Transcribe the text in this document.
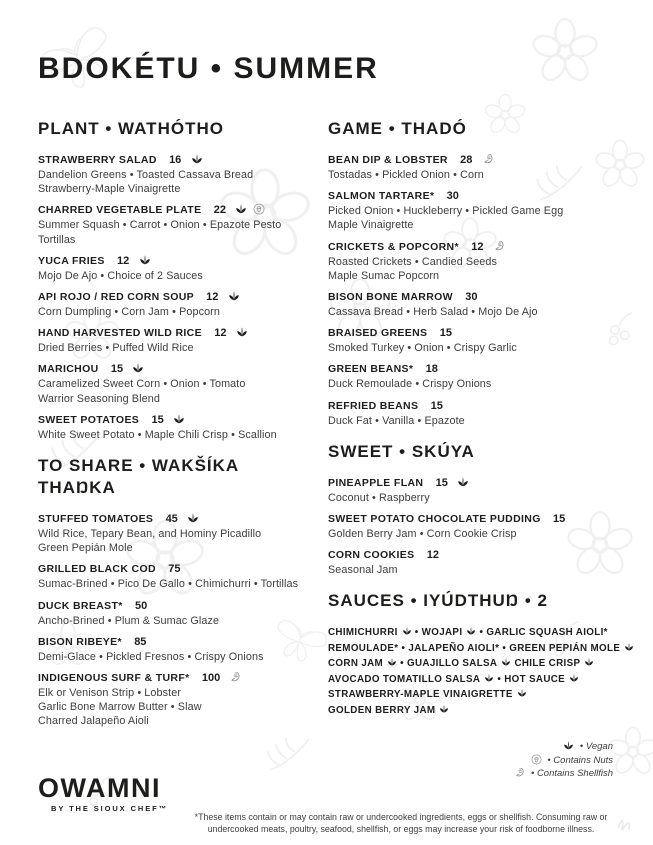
BDOKÉTU • SUMMER
PLANT • WATHÓTHO
STRAWBERRY SALAD 16
Dandelion Greens • Toasted Cassava Bread
Strawberry-Maple Vinaigrette
CHARRED VEGETABLE PLATE 22
Summer Squash • Carrot • Onion • Epazote Pesto
Tortillas
YUCA FRIES 12
Mojo De Ajo • Choice of 2 Sauces
API ROJO / RED CORN SOUP 12
Corn Dumpling • Corn Jam • Popcorn
HAND HARVESTED WILD RICE 12
Dried Berries • Puffed Wild Rice
MARICHOU 15
Caramelized Sweet Corn • Onion • Tomato
Warrior Seasoning Blend
SWEET POTATOES 15
White Sweet Potato • Maple Chili Crisp • Scallion
TO SHARE • WAKŠÍKA THAŊKA
STUFFED TOMATOES 45
Wild Rice, Tepary Bean, and Hominy Picadillo
Green Pepián Mole
GRILLED BLACK COD 75
Sumac-Brined • Pico De Gallo • Chimichurri • Tortillas
DUCK BREAST* 50
Ancho-Brined • Plum & Sumac Glaze
BISON RIBEYE* 85
Demi-Glace • Pickled Fresnos • Crispy Onions
INDIGENOUS SURF & TURF* 100
Elk or Venison Strip • Lobster
Garlic Bone Marrow Butter • Slaw
Charred Jalapeño Aioli
GAME • THADÓ
BEAN DIP & LOBSTER 28
Tostadas • Pickled Onion • Corn
SALMON TARTARE* 30
Picked Onion • Huckleberry • Pickled Game Egg
Maple Vinaigrette
CRICKETS & POPCORN* 12
Roasted Crickets • Candied Seeds
Maple Sumac Popcorn
BISON BONE MARROW 30
Cassava Bread • Herb Salad • Mojo De Ajo
BRAISED GREENS 15
Smoked Turkey • Onion • Crispy Garlic
GREEN BEANS* 18
Duck Remoulade • Crispy Onions
REFRIED BEANS 15
Duck Fat • Vanilla • Epazote
SWEET • SKÚYA
PINEAPPLE FLAN 15
Coconut • Raspberry
SWEET POTATO CHOCOLATE PUDDING 15
Golden Berry Jam • Corn Cookie Crisp
CORN COOKIES 12
Seasonal Jam
SAUCES • IYÚDTHUŊ • 2
CHIMICHURRI
• WOJAPI
• GARLIC SQUASH AIOLI*
REMOULADE* • JALAPEÑO AIOLI* • GREEN PEPIÁN MOLE
CORN JAM
• GUAJILLO SALSA CHILE CRISP
AVOCADO TOMATILLO SALSA
• HOT SAUCE
STRAWBERRY-MAPLE VINAIGRETTE
GOLDEN BERRY JAM
• Vegan
• Contains Nuts
• Contains Shellfish
OWAMNI
BY THE SIOUX CHEF™
*These items contain or may contain raw or undercooked ingredients, eggs or shellfish. Consuming raw or undercooked meats, poultry, seafood, shellfish, or eggs may increase your risk of foodborne illness.
